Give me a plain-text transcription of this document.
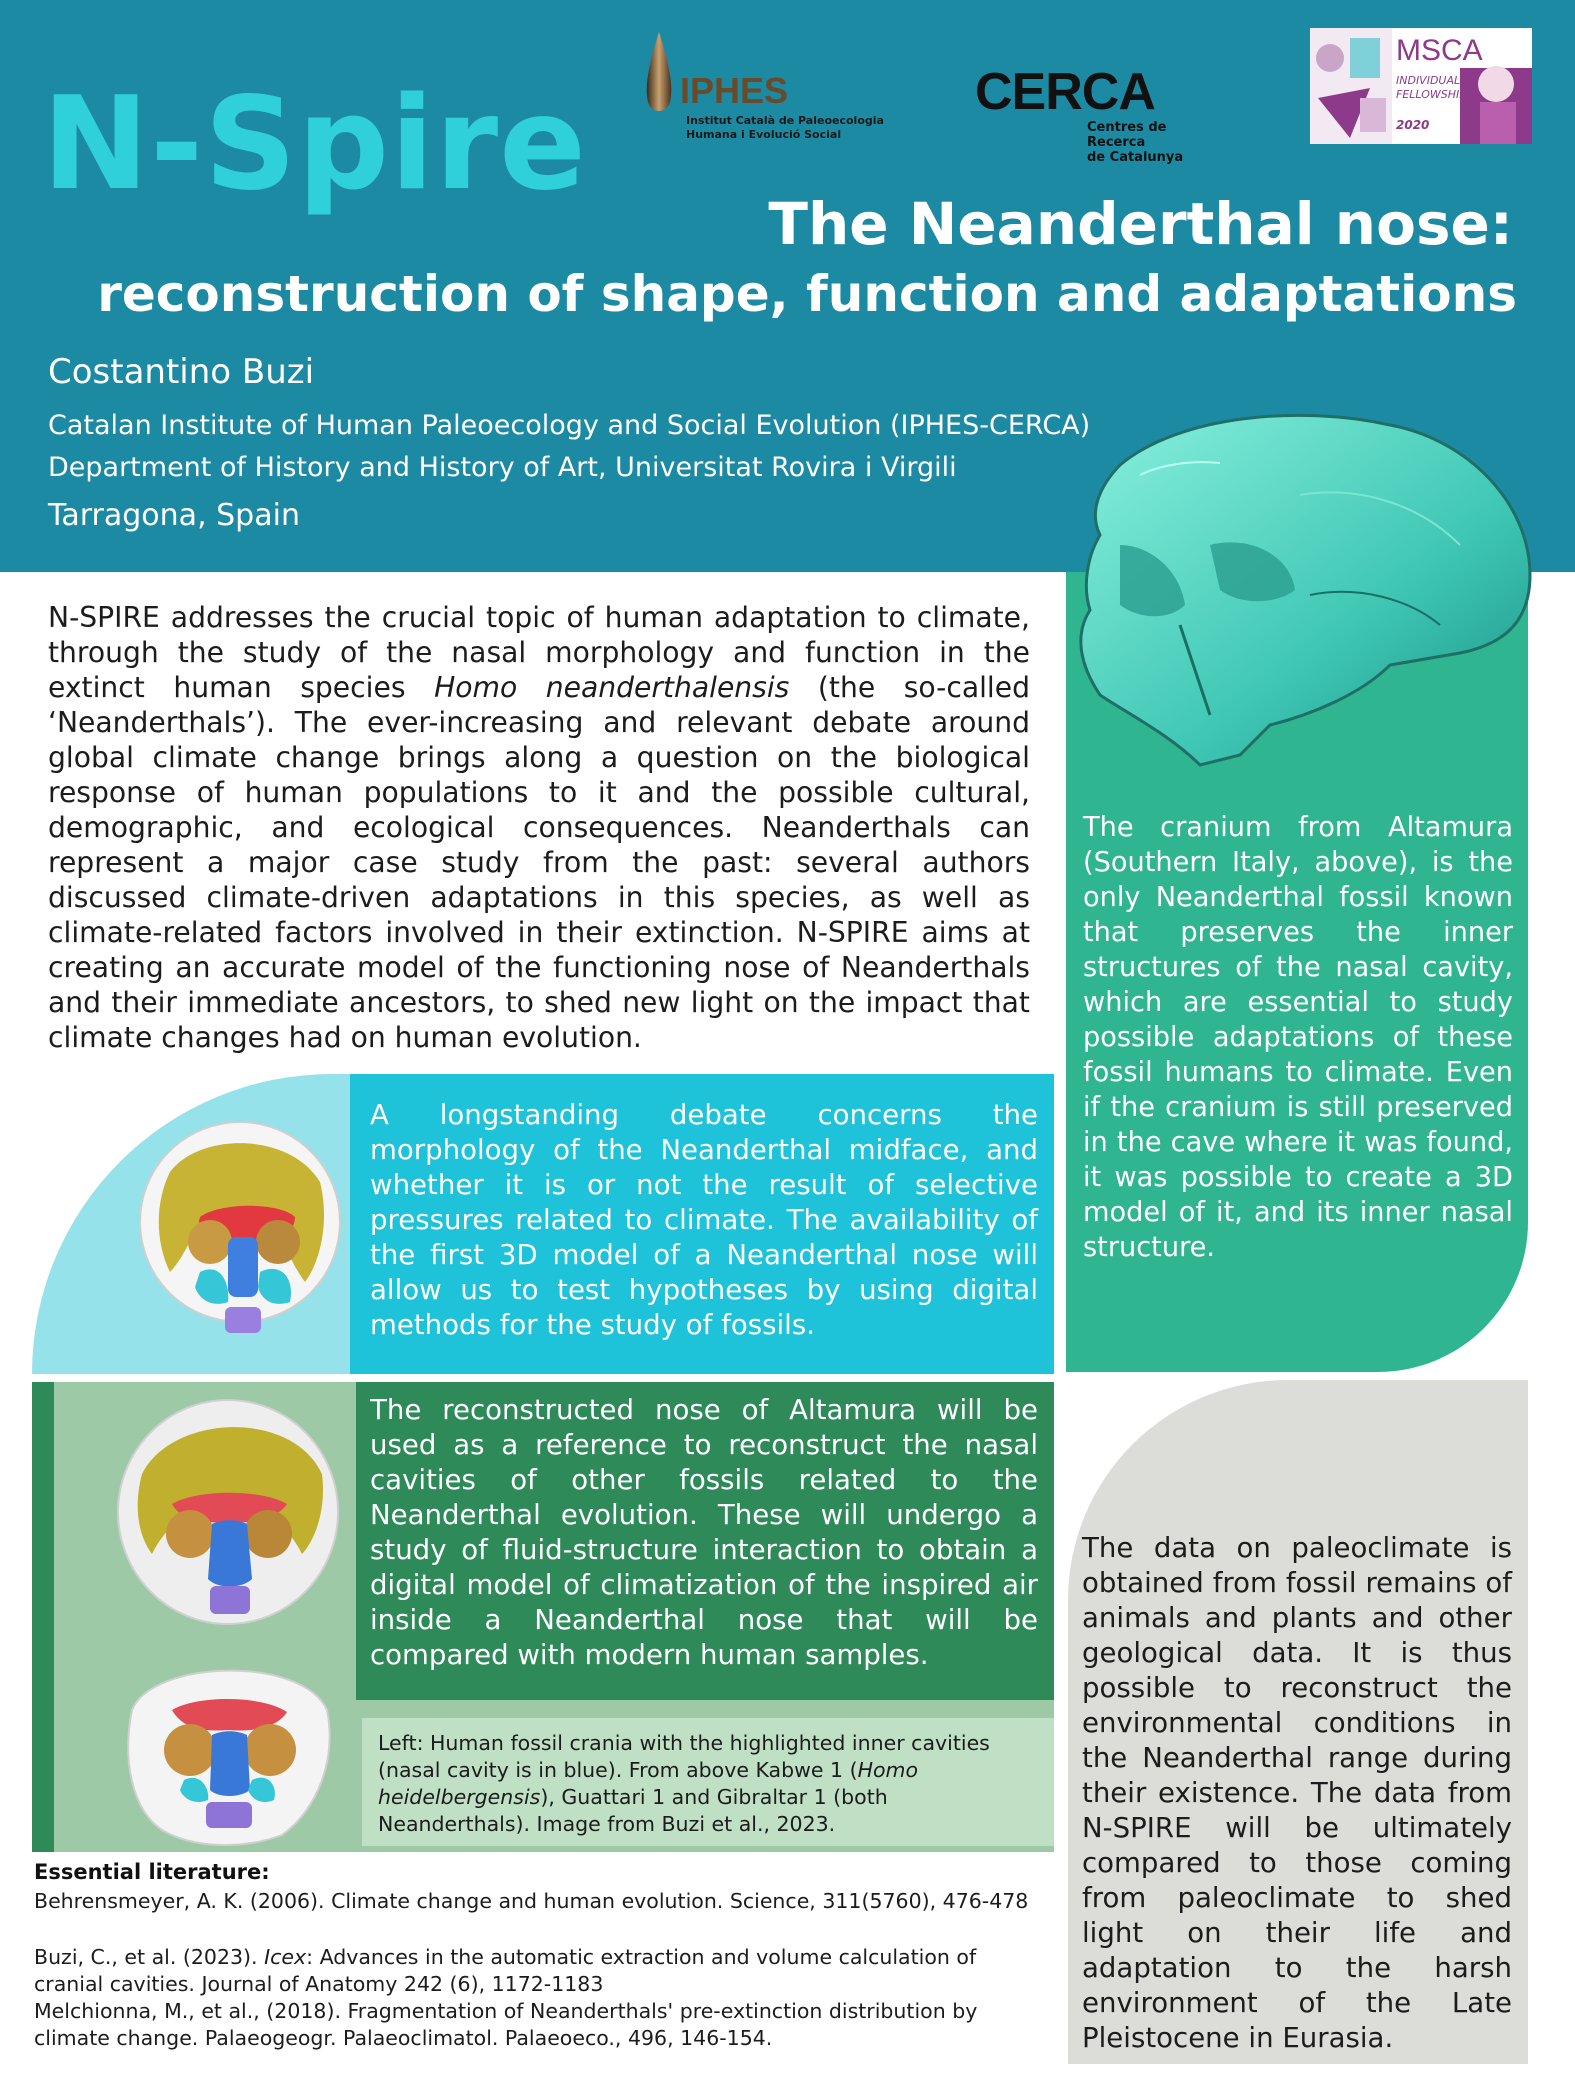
IPHES
Institut Català de Paleoecologia
Humana i Evolució Social
CERCA
Centres de Recerca
de Catalunya
MSCA
INDIVIDUAL
FELLOWSHIPS
2020
N-Spire
The Neanderthal nose:
reconstruction of shape, function and adaptations
Costantino Buzi
Catalan Institute of Human Paleoecology and Social Evolution (IPHES-CERCA)
Department of History and History of Art, Universitat Rovira i Virgili
Tarragona, Spain
The cranium from Altamura (Southern Italy, above), is the only Neanderthal fossil known that preserves the inner structures of the nasal cavity, which are essential to study possible adaptations of these fossil humans to climate. Even if the cranium is still preserved in the cave where it was found, it was possible to create a 3D model of it, and its inner nasal structure.
N-SPIRE addresses the crucial topic of human adaptation to climate, through the study of the nasal morphology and function in the extinct human species Homo neanderthalensis (the so-called ‘Neanderthals’). The ever-increasing and relevant debate around global climate change brings along a question on the biological response of human populations to it and the possible cultural, demographic, and ecological consequences. Neanderthals can represent a major case study from the past: several authors discussed climate-driven adaptations in this species, as well as climate-related factors involved in their extinction. N-SPIRE aims at creating an accurate model of the functioning nose of Neanderthals and their immediate ancestors, to shed new light on the impact that climate changes had on human evolution.
A longstanding debate concerns the morphology of the Neanderthal midface, and whether it is or not the result of selective pressures related to climate. The availability of the first 3D model of a Neanderthal nose will allow us to test hypotheses by using digital methods for the study of fossils.
The reconstructed nose of Altamura will be used as a reference to reconstruct the nasal cavities of other fossils related to the Neanderthal evolution. These will undergo a study of fluid-structure interaction to obtain a digital model of climatization of the inspired air inside a Neanderthal nose that will be compared with modern human samples.
Left: Human fossil crania with the highlighted inner cavities (nasal cavity is in blue). From above Kabwe 1 (Homo heidelbergensis), Guattari 1 and Gibraltar 1 (both Neanderthals). Image from Buzi et al., 2023.
The data on paleoclimate is obtained from fossil remains of animals and plants and other geological data. It is thus possible to reconstruct the environmental conditions in the Neanderthal range during their existence. The data from N-SPIRE will be ultimately compared to those coming from paleoclimate to shed light on their life and adaptation to the harsh environment of the Late Pleistocene in Eurasia.
Essential literature:
Behrensmeyer, A. K. (2006). Climate change and human evolution. Science, 311(5760), 476-478
Buzi, C., et al. (2023). Icex: Advances in the automatic extraction and volume calculation of cranial cavities. Journal of Anatomy 242 (6), 1172-1183
Melchionna, M., et al., (2018). Fragmentation of Neanderthals' pre-extinction distribution by climate change. Palaeogeogr. Palaeoclimatol. Palaeoeco., 496, 146-154.
